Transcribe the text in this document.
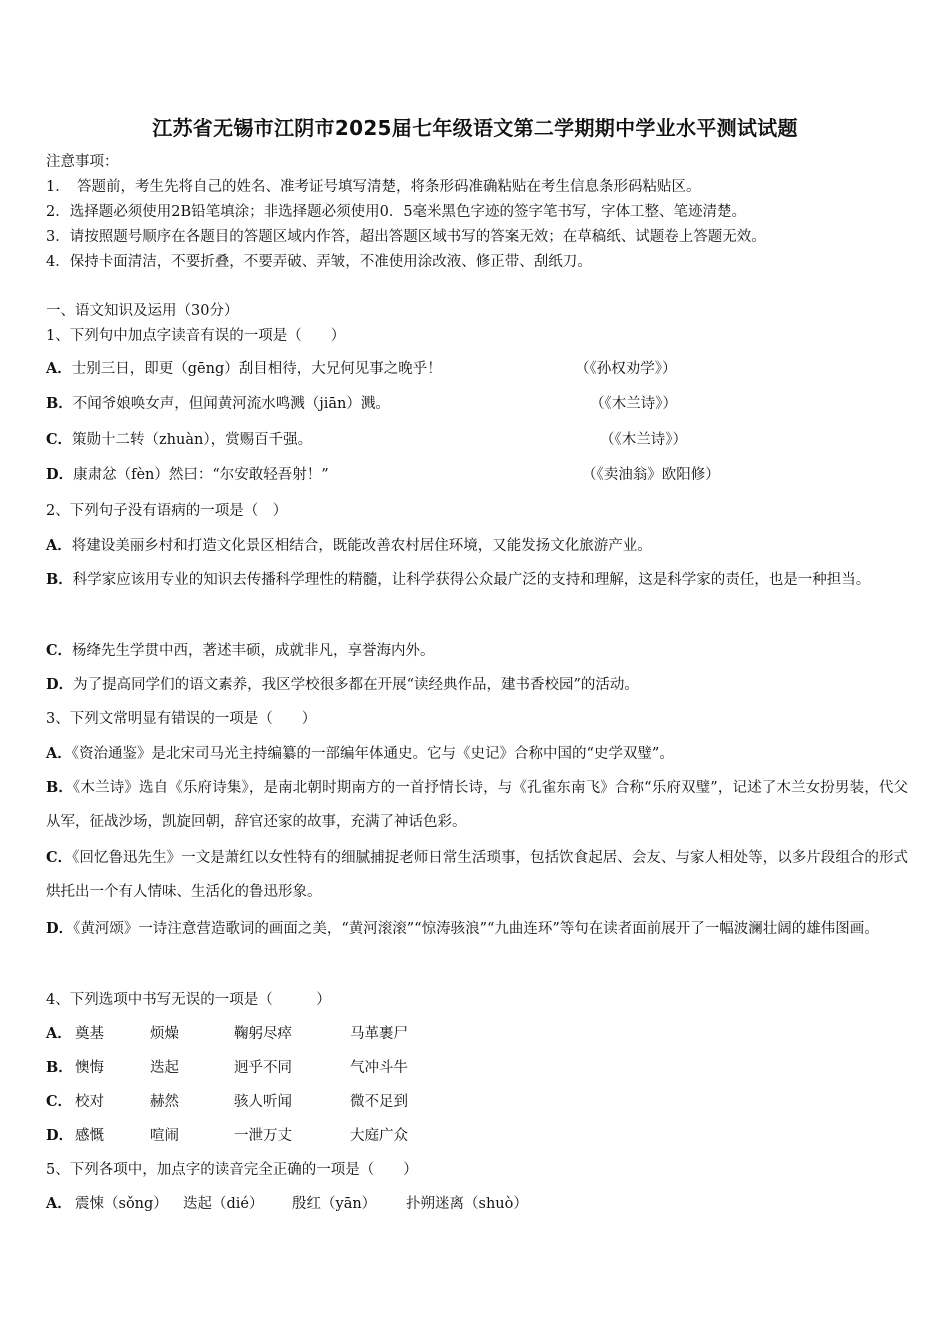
江苏省无锡市江阴市2025届七年级语文第二学期期中学业水平测试试题
注意事项：
1．　答题前，考生先将自己的姓名、准考证号填写清楚，将条形码准确粘贴在考生信息条形码粘贴区。
2．选择题必须使用2B铅笔填涂；非选择题必须使用0．5毫米黑色字迹的签字笔书写，字体工整、笔迹清楚。
3．请按照题号顺序在各题目的答题区域内作答，超出答题区域书写的答案无效；在草稿纸、试题卷上答题无效。
4．保持卡面清洁，不要折叠，不要弄破、弄皱，不准使用涂改液、修正带、刮纸刀。
一、语文知识及运用（30分）
1、下列句中加点字读音有误的一项是（　　）
A．士别三日，即更（gēng）刮目相待，大兄何见事之晚乎！	（《孙权劝学》）
B．不闻爷娘唤女声，但闻黄河流水鸣溅（jiān）溅。	（《木兰诗》）
C．策勋十二转（zhuàn），赏赐百千强。	（《木兰诗》）
D．康肃忿（fèn）然曰：“尔安敢轻吾射！”	（《卖油翁》欧阳修）
2、下列句子没有语病的一项是（　）
A．将建设美丽乡村和打造文化景区相结合，既能改善农村居住环境，又能发扬文化旅游产业。
B．科学家应该用专业的知识去传播科学理性的精髓，让科学获得公众最广泛的支持和理解，这是科学家的责任，也是一种担当。
C．杨绛先生学贯中西，著述丰硕，成就非凡，享誉海内外。
D．为了提高同学们的语文素养，我区学校很多都在开展“读经典作品，建书香校园”的活动。
3、下列文常明显有错误的一项是（　　）
A．《资治通鉴》是北宋司马光主持编纂的一部编年体通史。它与《史记》合称中国的“史学双璧”。
B．《木兰诗》选自《乐府诗集》，是南北朝时期南方的一首抒情长诗，与《孔雀东南飞》合称“乐府双璧”，记述了木兰女扮男装，代父从军，征战沙场，凯旋回朝，辞官还家的故事，充满了神话色彩。
C．《回忆鲁迅先生》一文是萧红以女性特有的细腻捕捉老师日常生活琐事，包括饮食起居、会友、与家人相处等，以多片段组合的形式烘托出一个有人情味、生活化的鲁迅形象。
D．《黄河颂》一诗注意营造歌词的画面之美，“黄河滚滚”“惊涛骇浪”“九曲连环”等句在读者面前展开了一幅波澜壮阔的雄伟图画。
4、下列选项中书写无误的一项是（　　　）
A． 奠基	烦燥	鞠躬尽瘁	马革裹尸
B． 懊悔	迭起	迥乎不同	气冲斗牛
C． 校对	赫然	骇人听闻	微不足到
D． 感慨	喧闹	一泄万丈	大庭广众
5、下列各项中，加点字的读音完全正确的一项是（　　）
A． 震悚（sǒng） 迭起（dié） 殷红（yān） 扑朔迷离（shuò）
